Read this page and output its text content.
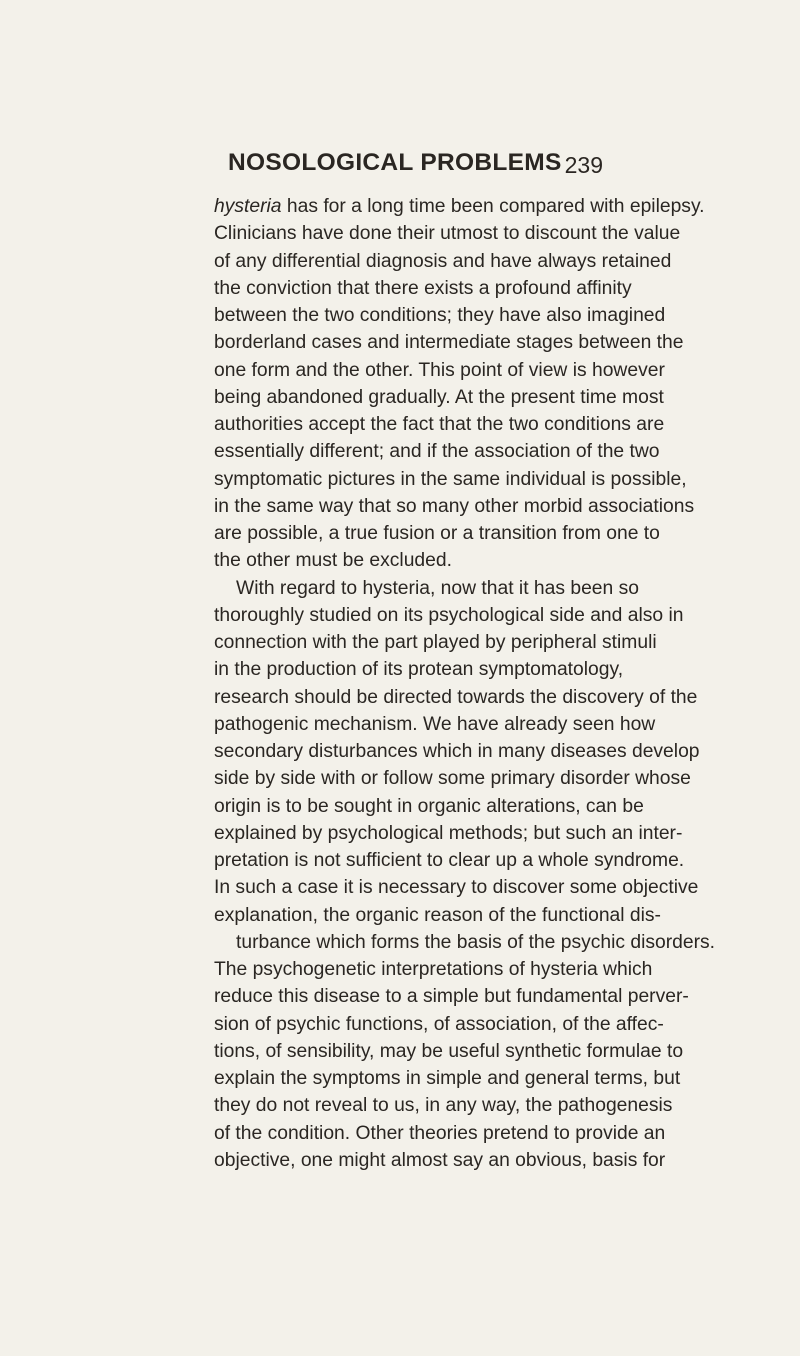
NOSOLOGICAL PROBLEMS 239
hysteria has for a long time been compared with epilepsy.
Clinicians have done their utmost to discount the value
of any differential diagnosis and have always retained
the conviction that there exists a profound affinity
between the two conditions; they have also imagined
borderland cases and intermediate stages between the
one form and the other. This point of view is however
being abandoned gradually. At the present time most
authorities accept the fact that the two conditions are
essentially different; and if the association of the two
symptomatic pictures in the same individual is possible,
in the same way that so many other morbid associations
are possible, a true fusion or a transition from one to
the other must be excluded.
With regard to hysteria, now that it has been so
thoroughly studied on its psychological side and also in
connection with the part played by peripheral stimuli
in the production of its protean symptomatology,
research should be directed towards the discovery of the
pathogenic mechanism. We have already seen how
secondary disturbances which in many diseases develop
side by side with or follow some primary disorder whose
origin is to be sought in organic alterations, can be
explained by psychological methods; but such an inter-
pretation is not sufficient to clear up a whole syndrome.
In such a case it is necessary to discover some objective
explanation, the organic reason of the functional dis-
turbance which forms the basis of the psychic disorders.
The psychogenetic interpretations of hysteria which
reduce this disease to a simple but fundamental perver-
sion of psychic functions, of association, of the affec-
tions, of sensibility, may be useful synthetic formulae to
explain the symptoms in simple and general terms, but
they do not reveal to us, in any way, the pathogenesis
of the condition. Other theories pretend to provide an
objective, one might almost say an obvious, basis for
